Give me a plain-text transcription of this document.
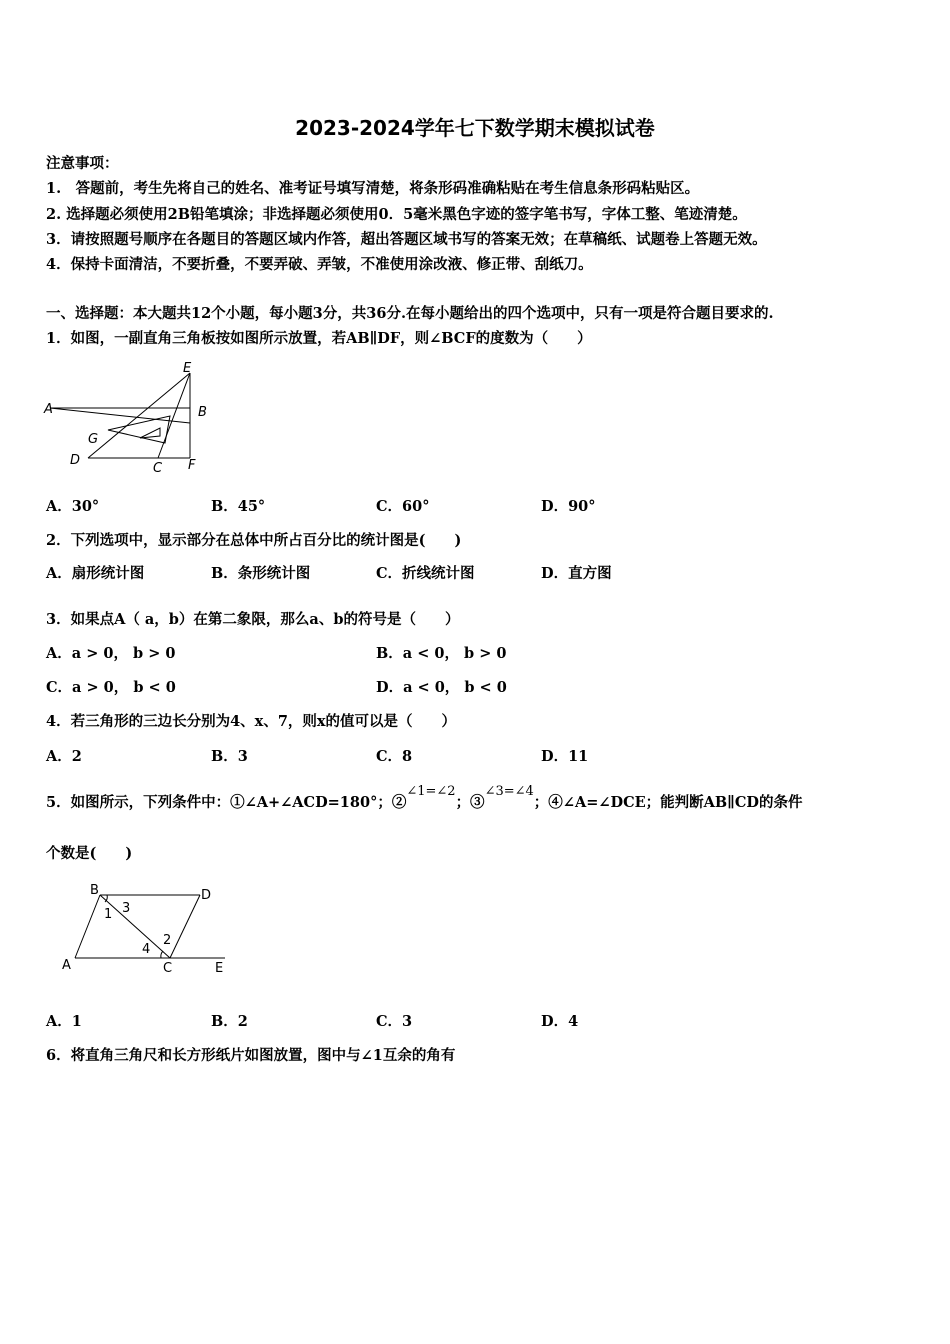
2023-2024学年七下数学期末模拟试卷
注意事项：
1.　答题前，考生先将自己的姓名、准考证号填写清楚，将条形码准确粘贴在考生信息条形码粘贴区。
2. 选择题必须使用2B铅笔填涂；非选择题必须使用0．5毫米黑色字迹的签字笔书写，字体工整、笔迹清楚。
3．请按照题号顺序在各题目的答题区域内作答，超出答题区域书写的答案无效；在草稿纸、试题卷上答题无效。
4．保持卡面清洁，不要折叠，不要弄破、弄皱，不准使用涂改液、修正带、刮纸刀。
一、选择题：本大题共12个小题，每小题3分，共36分.在每小题给出的四个选项中，只有一项是符合题目要求的.
1．如图，一副直角三角板按如图所示放置，若AB∥DF，则∠BCF的度数为（　　）
E
A	B
G
D
C F
A．30°	B．45°	C．60°	D．90°
2．下列选项中，显示部分在总体中所占百分比的统计图是(　　)
A．扇形统计图	B．条形统计图	C．折线统计图	D．直方图
3．如果点A（ a，b）在第二象限，那么a、b的符号是（　　）
A．a > 0， b > 0	B．a < 0， b > 0
C．a > 0， b < 0	D．a < 0， b < 0
4．若三角形的三边长分别为4、x、7，则x的值可以是（　　）
A．2	B．3	C．8	D．11
5．如图所示，下列条件中：①∠A+∠ACD=180°；②∠1=∠2；③∠3=∠4；④∠A=∠DCE；能判断AB∥CD的条件
个数是(　　)
B	D
3
1
2
4
A	C	E
A．1	B．2	C．3	D．4
6．将直角三角尺和长方形纸片如图放置，图中与∠1互余的角有
